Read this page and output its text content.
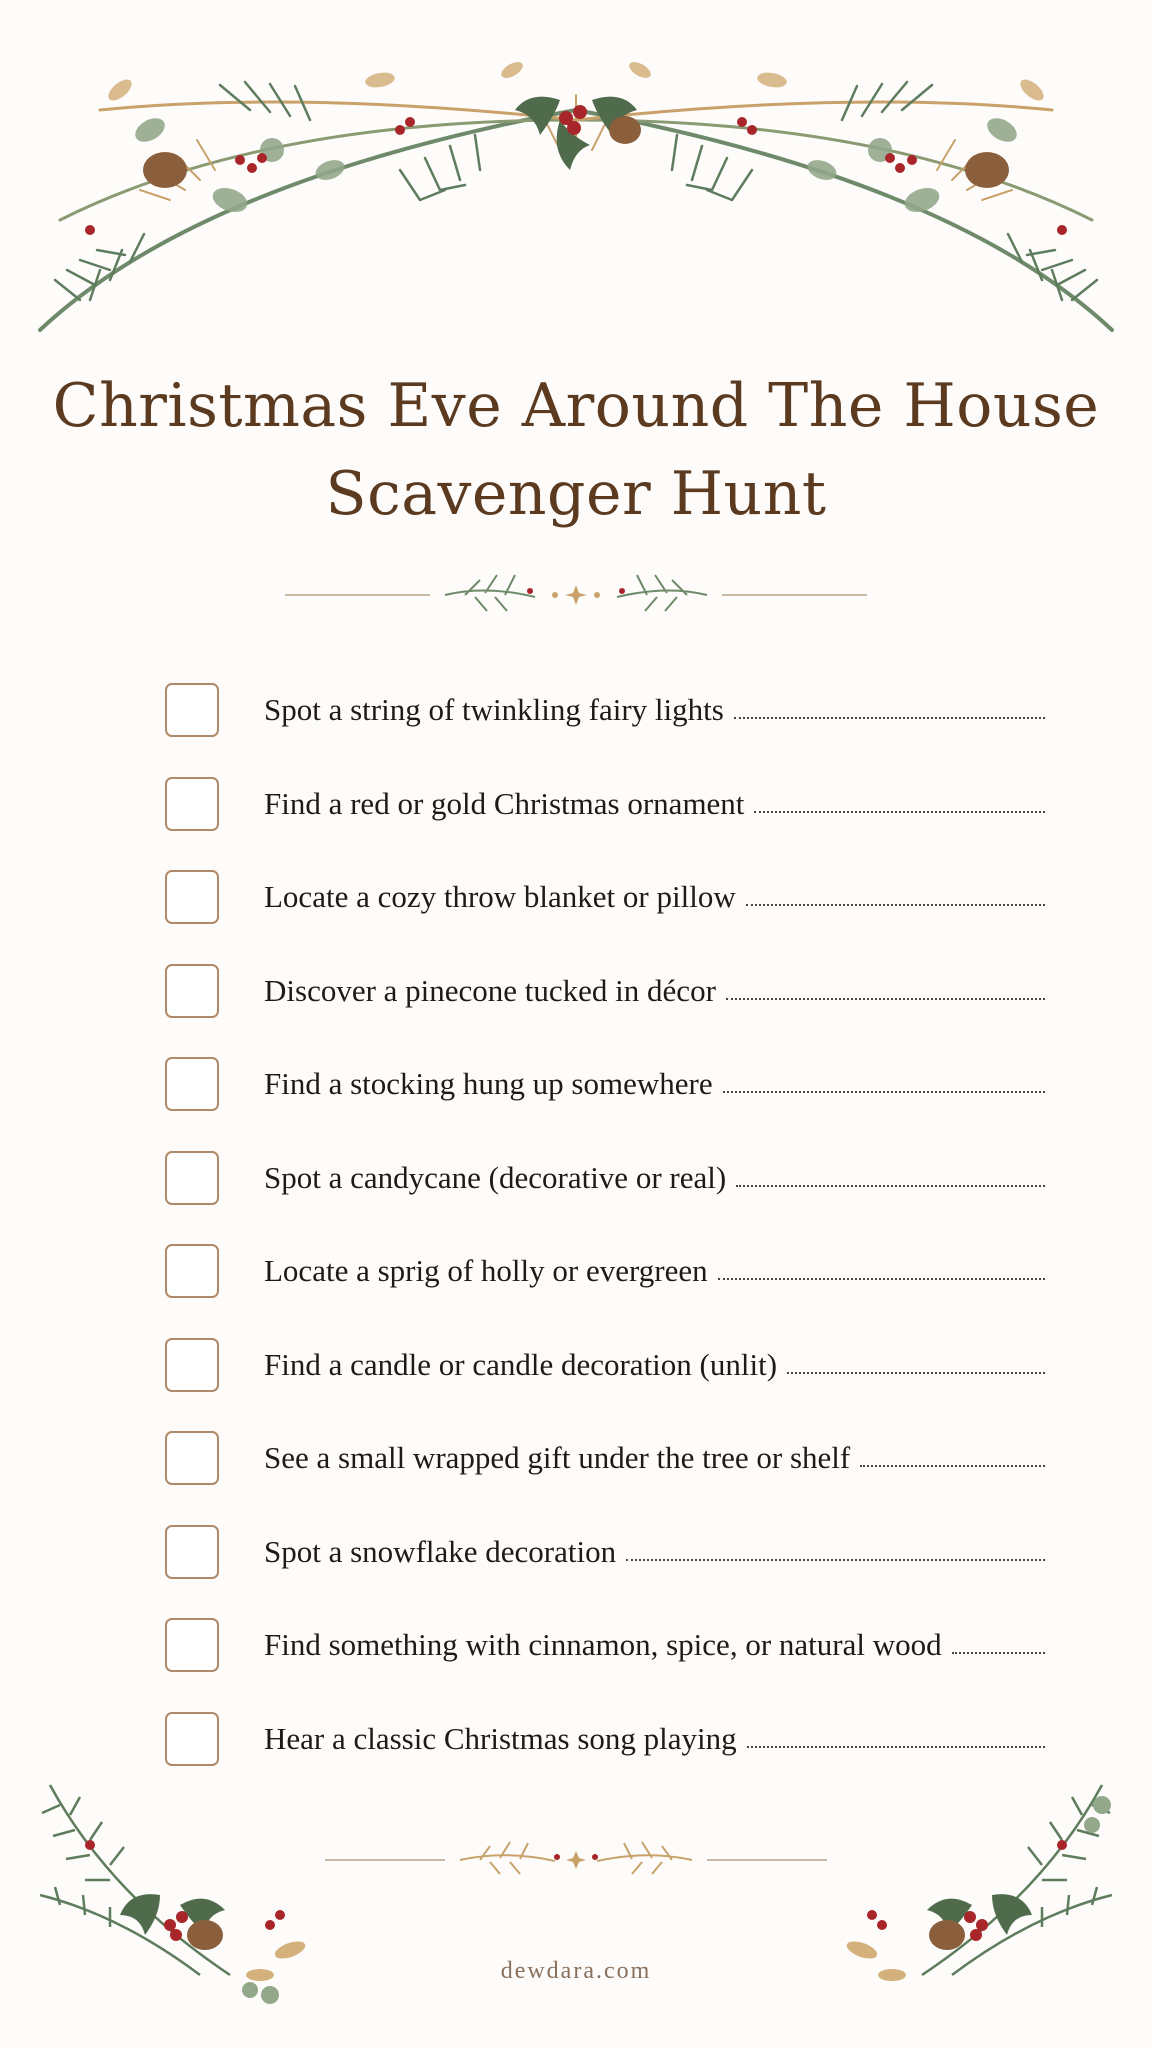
Christmas Eve Around The House
Scavenger Hunt
Spot a string of twinkling fairy lights
Find a red or gold Christmas ornament
Locate a cozy throw blanket or pillow
Discover a pinecone tucked in décor
Find a stocking hung up somewhere
Spot a candycane (decorative or real)
Locate a sprig of holly or evergreen
Find a candle or candle decoration (unlit)
See a small wrapped gift under the tree or shelf
Spot a snowflake decoration
Find something with cinnamon, spice, or natural wood
Hear a classic Christmas song playing
dewdara.com
